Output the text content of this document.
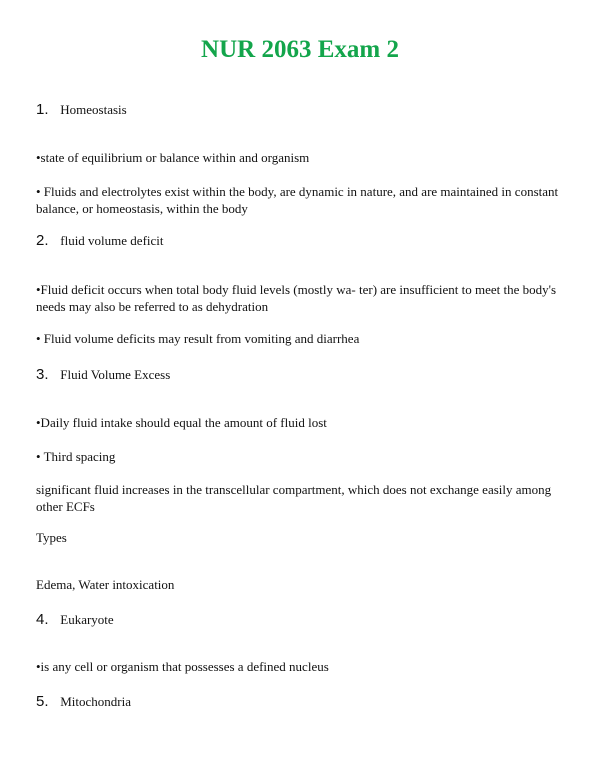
NUR 2063 Exam 2
1. Homeostasis
•state of equilibrium or balance within and organism
• Fluids and electrolytes exist within the body, are dynamic in nature, and are maintained in constant balance, or homeostasis, within the body
2. fluid volume deficit
•Fluid deficit occurs when total body fluid levels (mostly wa- ter) are insufficient to meet the body's needs may also be referred to as dehydration
• Fluid volume deficits may result from vomiting and diarrhea
3. Fluid Volume Excess
•Daily fluid intake should equal the amount of fluid lost
• Third spacing
significant fluid increases in the transcellular compartment, which does not exchange easily among other ECFs
Types
Edema, Water intoxication
4. Eukaryote
•is any cell or organism that possesses a defined nucleus
5. Mitochondria
